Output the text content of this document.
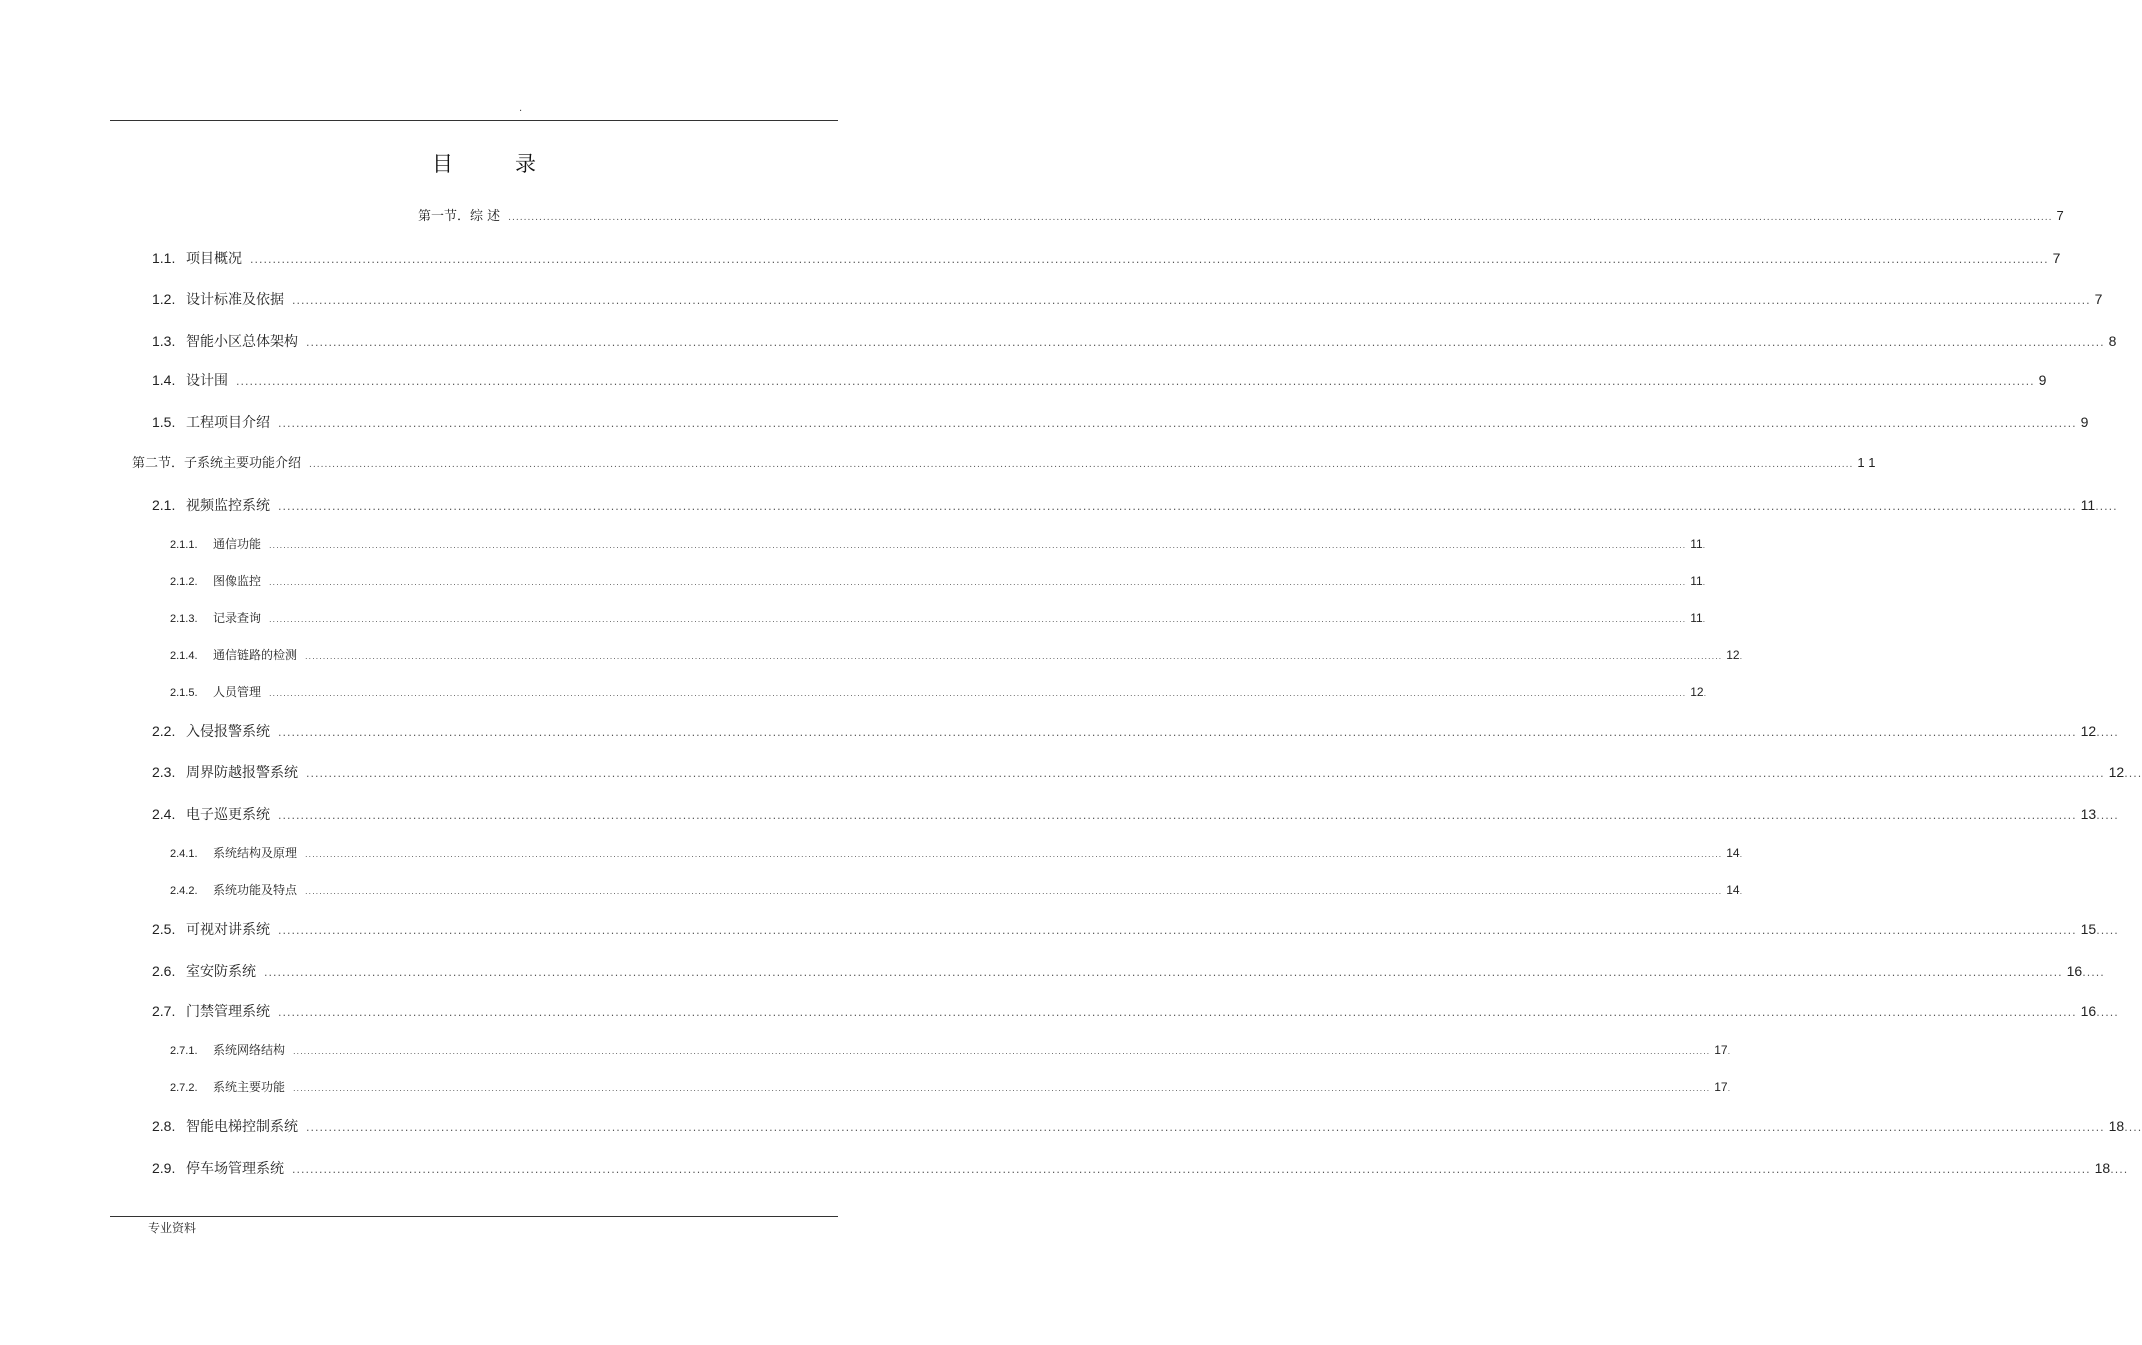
.
目录
第一节．综 述 ................................................................................................................................................................................................................................................................................................................................................................................................................ 7
1.1. 项目概况 ................................................................................................................................................................................................................................................................................................................................................................................................................ 7
1.2. 设计标准及依据 ................................................................................................................................................................................................................................................................................................................................................................................................................ 7
1.3. 智能小区总体架构 ................................................................................................................................................................................................................................................................................................................................................................................................................ 8
1.4. 设计围 ................................................................................................................................................................................................................................................................................................................................................................................................................ 9
1.5. 工程项目介绍 ................................................................................................................................................................................................................................................................................................................................................................................................................ 9
第二节．子系统主要功能介绍 ................................................................................................................................................................................................................................................................................................................................................................................................................ 1 1
2.1. 视频监控系统 ................................................................................................................................................................................................................................................................................................................................................................................................................ 11 .....
2.1.1.	通信功能 ................................................................................................................................................................................................................................................................................................................................................................................................................ 11 .
2.1.2.	图像监控 ................................................................................................................................................................................................................................................................................................................................................................................................................ 11 .
2.1.3.	记录查询 ................................................................................................................................................................................................................................................................................................................................................................................................................ 11 .
2.1.4.	通信链路的检测 ................................................................................................................................................................................................................................................................................................................................................................................................................ 12 .
2.1.5.	人员管理 ................................................................................................................................................................................................................................................................................................................................................................................................................ 12 .
2.2. 入侵报警系统 ................................................................................................................................................................................................................................................................................................................................................................................................................ 12 .....
2.3. 周界防越报警系统 ................................................................................................................................................................................................................................................................................................................................................................................................................ 12 ....
2.4. 电子巡更系统 ................................................................................................................................................................................................................................................................................................................................................................................................................ 13 .....
2.4.1.	系统结构及原理 ................................................................................................................................................................................................................................................................................................................................................................................................................ 14 .
2.4.2.	系统功能及特点 ................................................................................................................................................................................................................................................................................................................................................................................................................ 14 .
2.5. 可视对讲系统 ................................................................................................................................................................................................................................................................................................................................................................................................................ 15 .....
2.6. 室安防系统 ................................................................................................................................................................................................................................................................................................................................................................................................................ 16 .....
2.7. 门禁管理系统 ................................................................................................................................................................................................................................................................................................................................................................................................................ 16 .....
2.7.1.	系统网络结构 ................................................................................................................................................................................................................................................................................................................................................................................................................ 17 .
2.7.2.	系统主要功能 ................................................................................................................................................................................................................................................................................................................................................................................................................ 17 .
2.8. 智能电梯控制系统 ................................................................................................................................................................................................................................................................................................................................................................................................................ 18 ....
2.9. 停车场管理系统 ................................................................................................................................................................................................................................................................................................................................................................................................................ 18 ....
专业资料
